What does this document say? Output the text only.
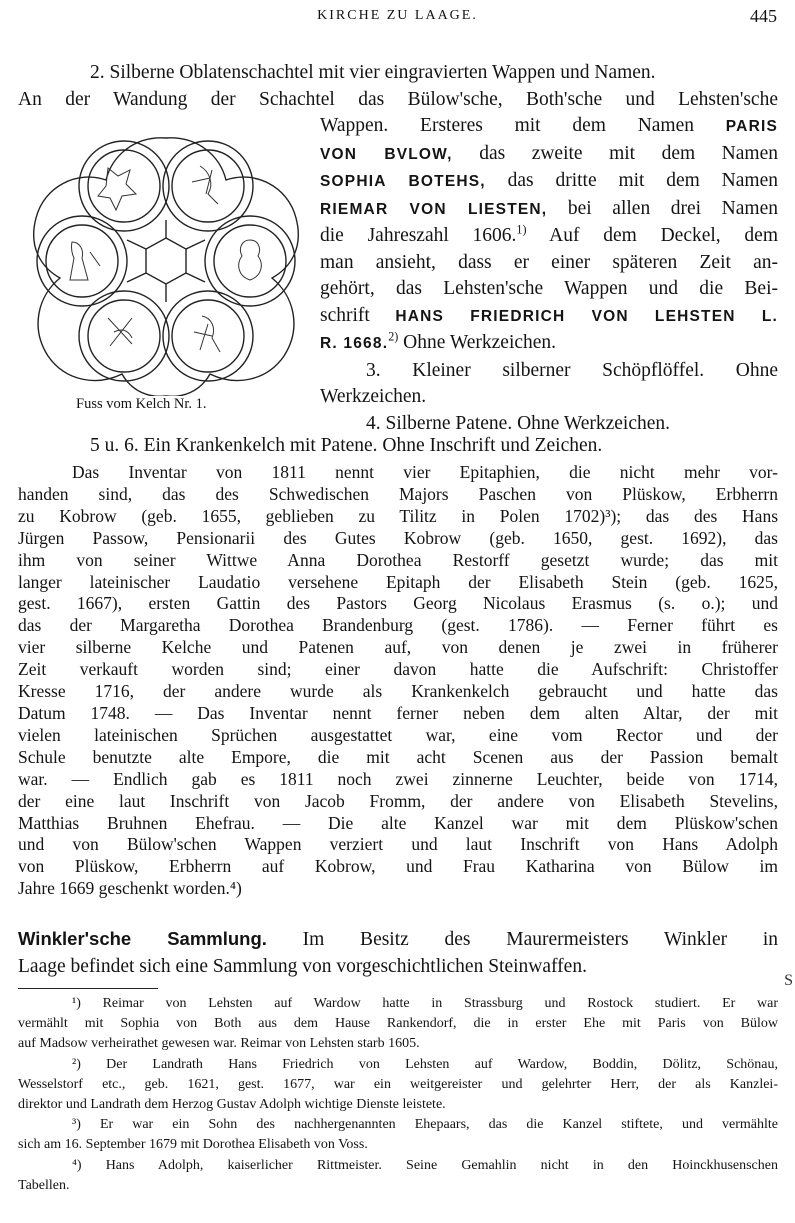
KIRCHE ZU LAAGE.	445
2. Silberne Oblatenschachtel mit vier eingravierten Wappen und Namen.
An der Wandung der Schachtel das Bülow'sche, Both'sche und Lehsten'sche
Fuss vom Kelch Nr. 1.
Wappen. Ersteres mit dem Namen PARIS
VON BVLOW, das zweite mit dem Namen
SOPHIA BOTEHS, das dritte mit dem Namen
RIEMAR VON LIESTEN, bei allen drei Namen
die Jahreszahl 1606.$^{1)}$ Auf dem Deckel, dem
man ansieht, dass er einer späteren Zeit an-
gehört, das Lehsten'sche Wappen und die Bei-
schrift HANS FRIEDRICH VON LEHSTEN L.
R. 1668.$^{2)}$ Ohne Werkzeichen.
3. Kleiner silberner Schöpflöffel. Ohne
Werkzeichen.
4. Silberne Patene. Ohne Werkzeichen.
5 u. 6. Ein Krankenkelch mit Patene. Ohne Inschrift und Zeichen.
Das Inventar von 1811 nennt vier Epitaphien, die nicht mehr vor-
handen sind, das des Schwedischen Majors Paschen von Plüskow, Erbherrn
zu Kobrow (geb. 1655, geblieben zu Tilitz in Polen 1702)³); das des Hans
Jürgen Passow, Pensionarii des Gutes Kobrow (geb. 1650, gest. 1692), das
ihm von seiner Wittwe Anna Dorothea Restorff gesetzt wurde; das mit
langer lateinischer Laudatio versehene Epitaph der Elisabeth Stein (geb. 1625,
gest. 1667), ersten Gattin des Pastors Georg Nicolaus Erasmus (s. o.); und
das der Margaretha Dorothea Brandenburg (gest. 1786). — Ferner führt es
vier silberne Kelche und Patenen auf, von denen je zwei in früherer
Zeit verkauft worden sind; einer davon hatte die Aufschrift: Christoffer
Kresse 1716, der andere wurde als Krankenkelch gebraucht und hatte das
Datum 1748. — Das Inventar nennt ferner neben dem alten Altar, der mit
vielen lateinischen Sprüchen ausgestattet war, eine vom Rector und der
Schule benutzte alte Empore, die mit acht Scenen aus der Passion bemalt
war. — Endlich gab es 1811 noch zwei zinnerne Leuchter, beide von 1714,
der eine laut Inschrift von Jacob Fromm, der andere von Elisabeth Stevelins,
Matthias Bruhnen Ehefrau. — Die alte Kanzel war mit dem Plüskow'schen
und von Bülow'schen Wappen verziert und laut Inschrift von Hans Adolph
von Plüskow, Erbherrn auf Kobrow, und Frau Katharina von Bülow im
Jahre 1669 geschenkt worden.⁴)
Winkler'sche Sammlung. Im Besitz des Maurermeisters Winkler in
Laage befindet sich eine Sammlung von vorgeschichtlichen Steinwaffen.
S
¹) Reimar von Lehsten auf Wardow hatte in Strassburg und Rostock studiert. Er war
vermählt mit Sophia von Both aus dem Hause Rankendorf, die in erster Ehe mit Paris von Bülow
auf Madsow verheirathet gewesen war. Reimar von Lehsten starb 1605.
²) Der Landrath Hans Friedrich von Lehsten auf Wardow, Boddin, Dölitz, Schönau,
Wesselstorf etc., geb. 1621, gest. 1677, war ein weitgereister und gelehrter Herr, der als Kanzlei-
direktor und Landrath dem Herzog Gustav Adolph wichtige Dienste leistete.
³) Er war ein Sohn des nachhergenannten Ehepaars, das die Kanzel stiftete, und vermählte
sich am 16. September 1679 mit Dorothea Elisabeth von Voss.
⁴) Hans Adolph, kaiserlicher Rittmeister. Seine Gemahlin nicht in den Hoinckhusenschen
Tabellen.
